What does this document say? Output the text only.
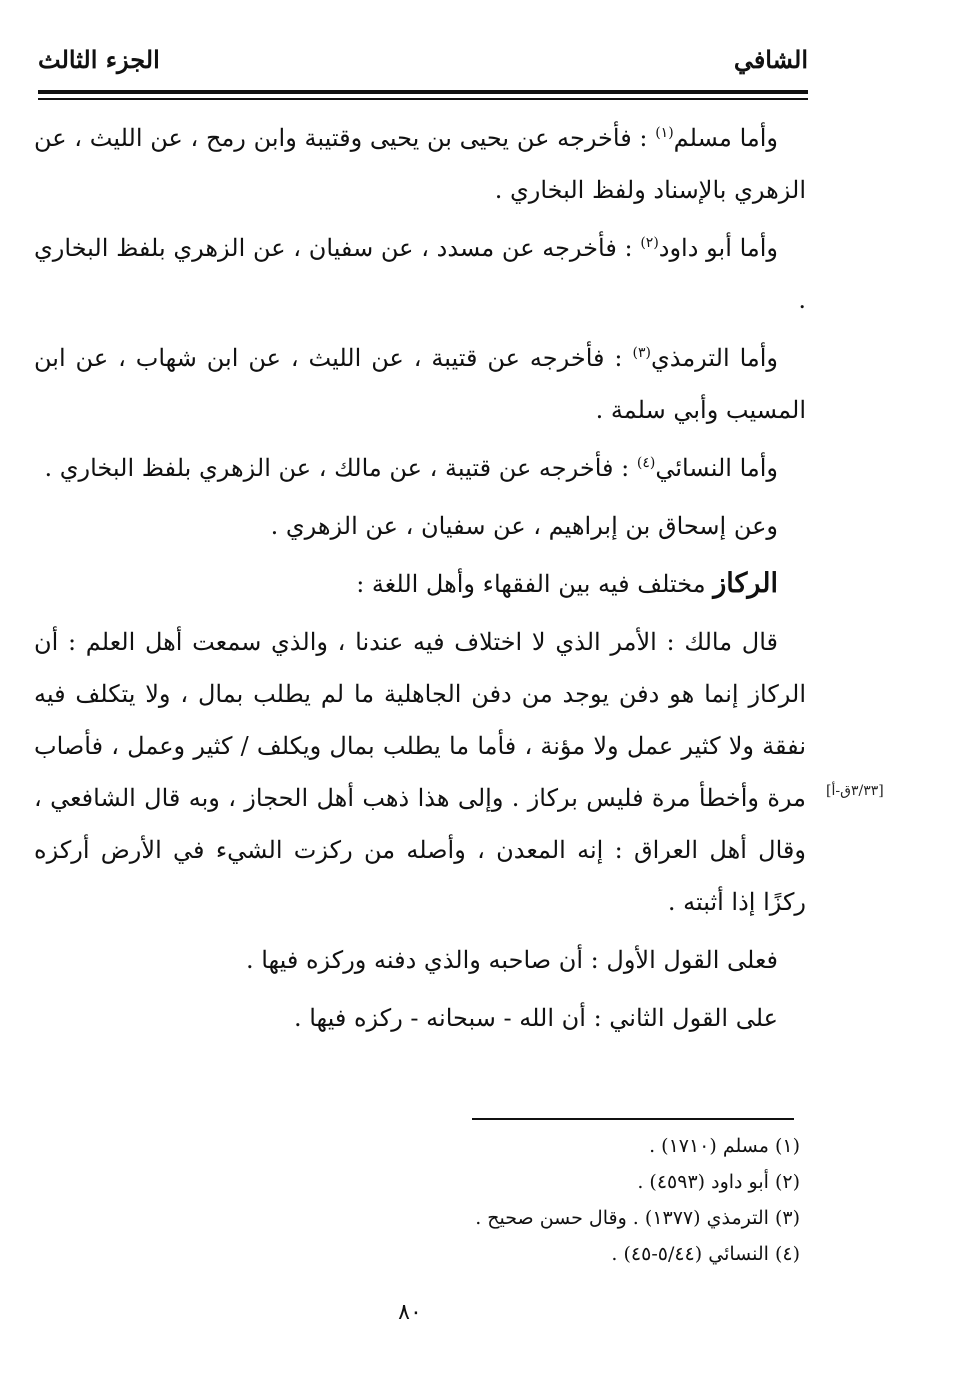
الشافي
الجزء الثالث

وأما مسلم$^{(١)}$ : فأخرجه عن يحيى بن يحيى وقتيبة وابن رمح ، عن الليث ، عن الزهري بالإسناد ولفظ البخاري .

وأما أبو داود$^{(٢)}$ : فأخرجه عن مسدد ، عن سفيان ، عن الزهري بلفظ البخاري .

وأما الترمذي$^{(٣)}$ : فأخرجه عن قتيبة ، عن الليث ، عن ابن شهاب ، عن ابن المسيب وأبي سلمة .

وأما النسائي$^{(٤)}$ : فأخرجه عن قتيبة ، عن مالك ، عن الزهري بلفظ البخاري .

وعن إسحاق بن إبراهيم ، عن سفيان ، عن الزهري .

الركاز مختلف فيه بين الفقهاء وأهل اللغة :

قال مالك : الأمر الذي لا اختلاف فيه عندنا ، والذي سمعت أهل العلم : أن الركاز إنما هو دفن يوجد من دفن الجاهلية ما لم يطلب بمال ، ولا يتكلف فيه نفقة ولا كثير عمل ولا مؤنة ، فأما ما يطلب بمال ويكلف / كثير وعمل ، فأصاب مرة وأخطأ مرة فليس بركاز . وإلى هذا ذهب أهل الحجاز ، وبه قال الشافعي ، وقال أهل العراق : إنه المعدن ، وأصله من ركزت الشيء في الأرض أركزه ركزًا إذا أثبته .

فعلى القول الأول : أن صاحبه والذي دفنه وركزه فيها .

على القول الثاني : أن الله - سبحانه - ركزه فيها .

[٣/٣٣ق-أ]

(١) مسلم (١٧١٠) .

(٢) أبو داود (٤٥٩٣) .

(٣) الترمذي (١٣٧٧) . وقال حسن صحيح .

(٤) النسائي (٥/٤٤-٤٥) .

٨٠
